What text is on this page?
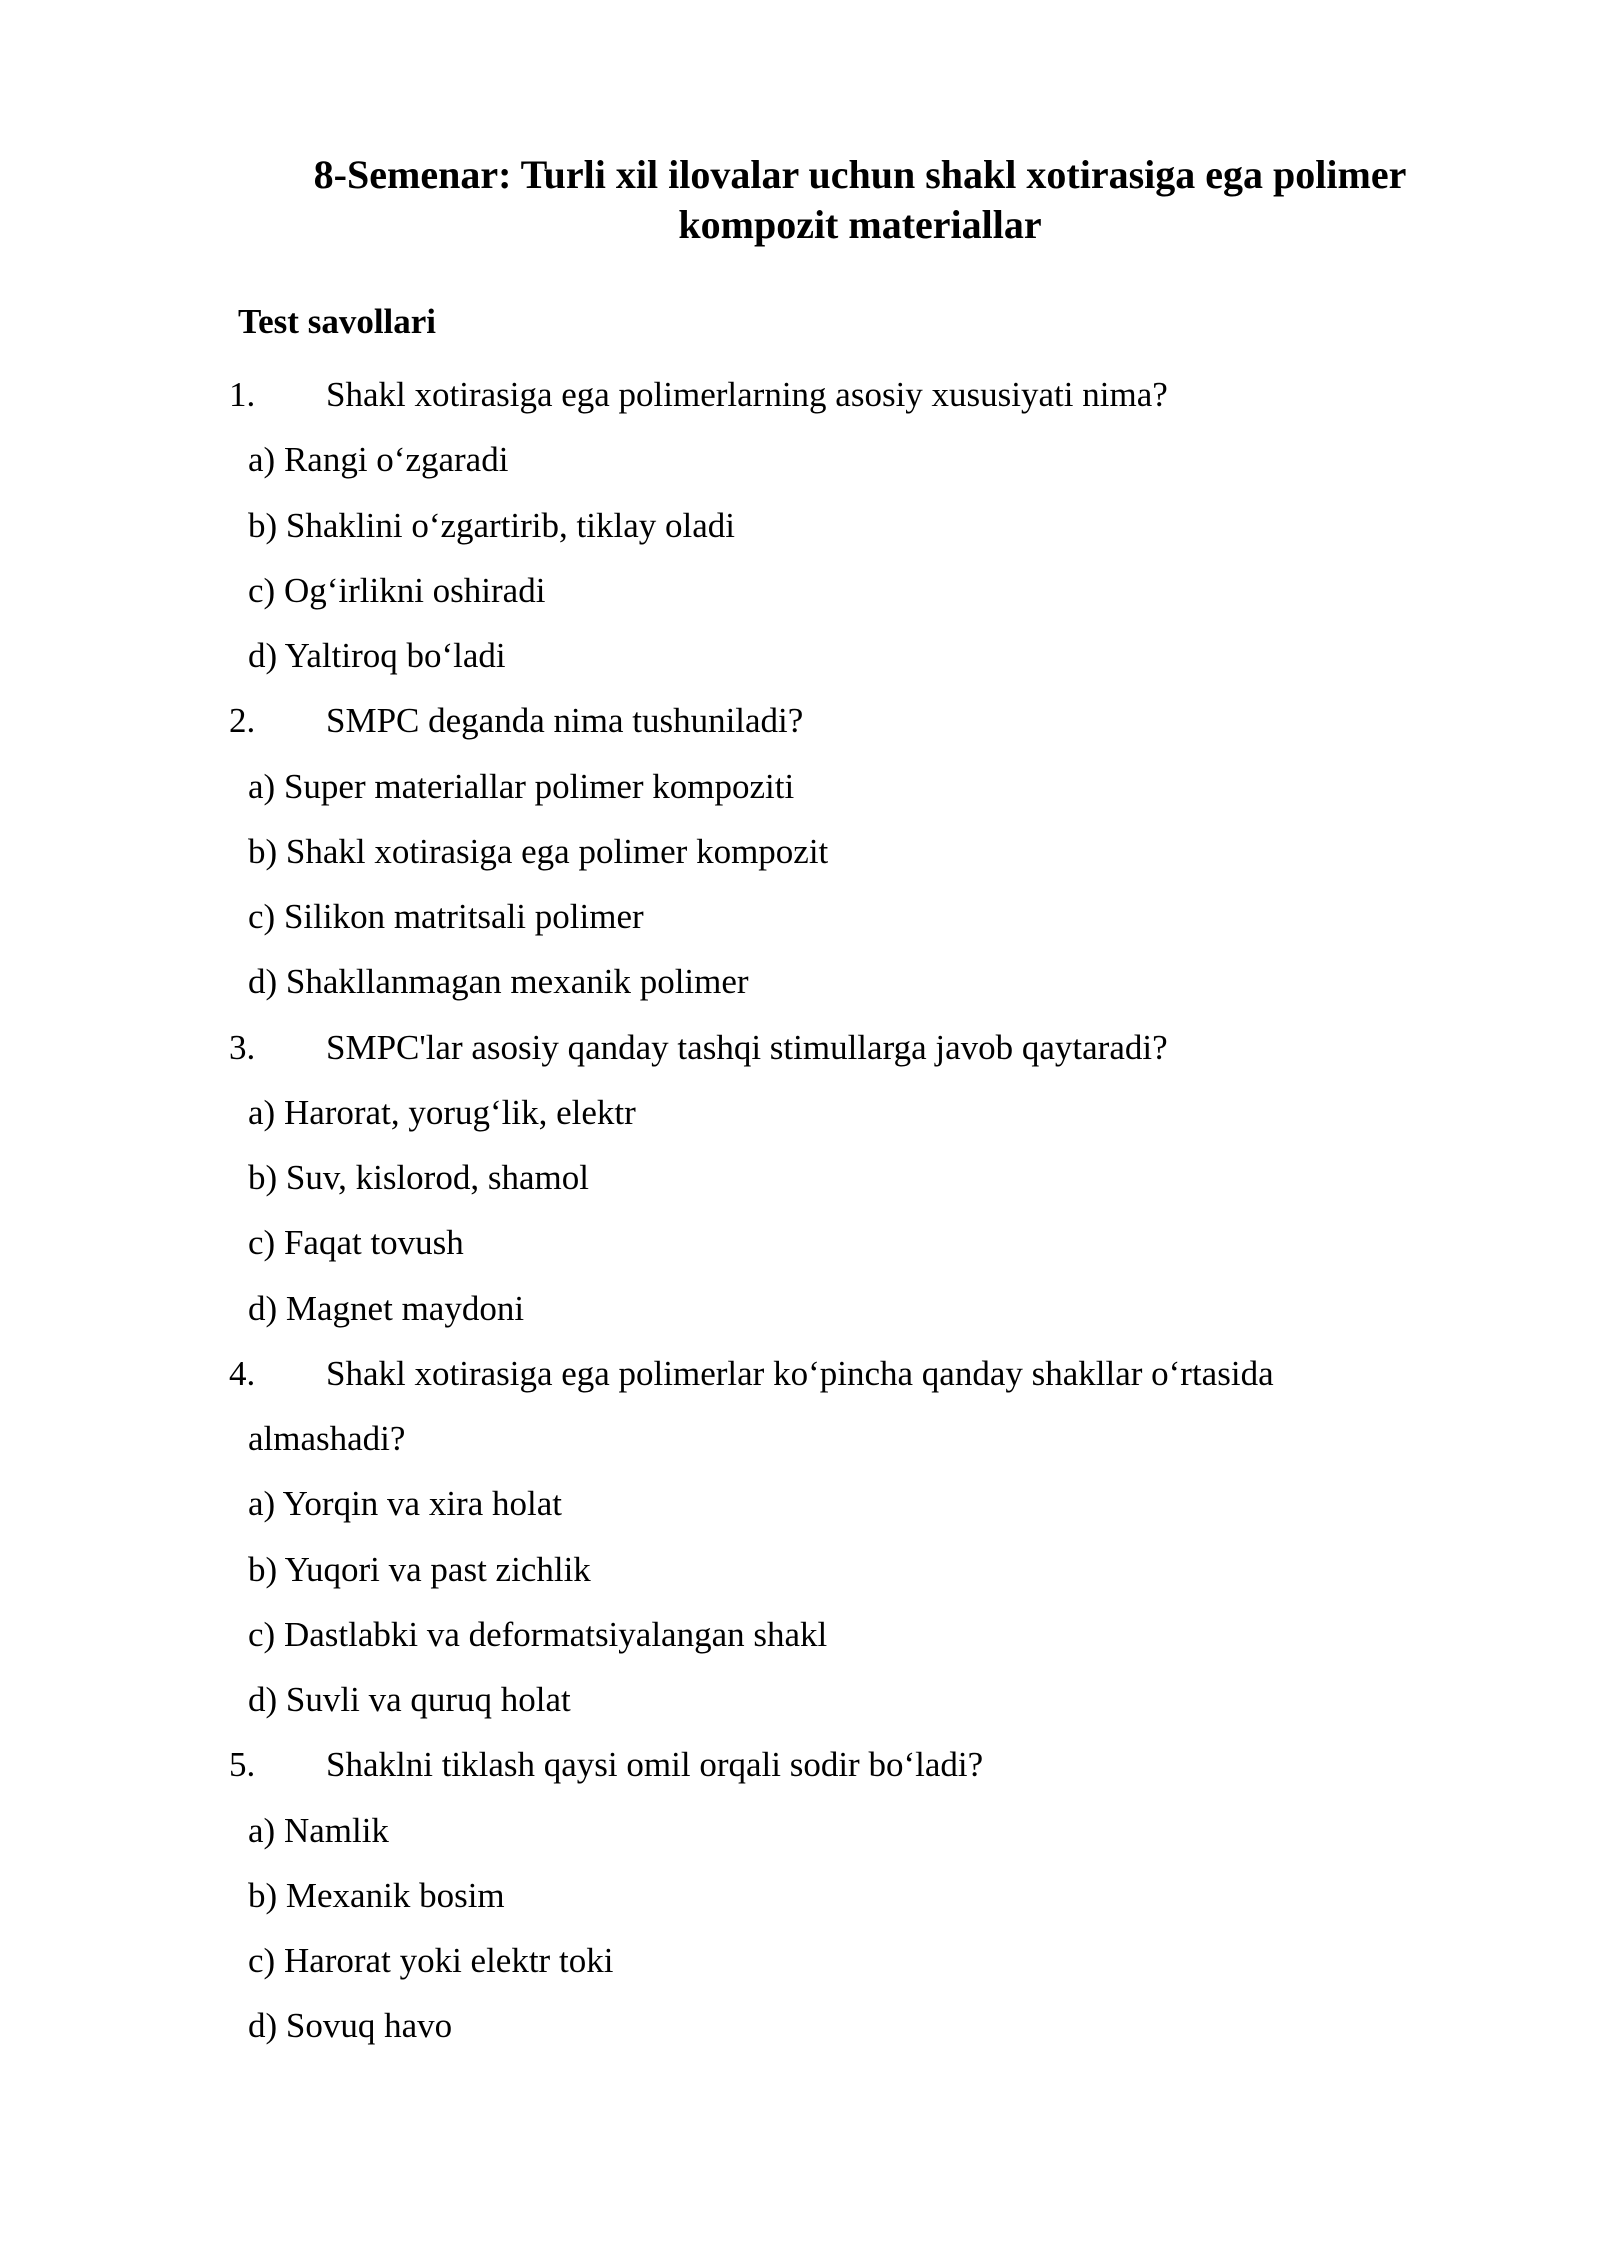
8-Semenar: Turli xil ilovalar uchun shakl xotirasiga ega polimer kompozit materiallar
Test savollari
1. Shakl xotirasiga ega polimerlarning asosiy xususiyati nima?
a) Rangi o‘zgaradi
b) Shaklini o‘zgartirib, tiklay oladi
c) Og‘irlikni oshiradi
d) Yaltiroq bo‘ladi
2. SMPC deganda nima tushuniladi?
a) Super materiallar polimer kompoziti
b) Shakl xotirasiga ega polimer kompozit
c) Silikon matritsali polimer
d) Shakllanmagan mexanik polimer
3. SMPC'lar asosiy qanday tashqi stimullarga javob qaytaradi?
a) Harorat, yorug‘lik, elektr
b) Suv, kislorod, shamol
c) Faqat tovush
d) Magnet maydoni
4. Shakl xotirasiga ega polimerlar ko‘pincha qanday shakllar o‘rtasida
almashadi?
a) Yorqin va xira holat
b) Yuqori va past zichlik
c) Dastlabki va deformatsiyalangan shakl
d) Suvli va quruq holat
5. Shaklni tiklash qaysi omil orqali sodir bo‘ladi?
a) Namlik
b) Mexanik bosim
c) Harorat yoki elektr toki
d) Sovuq havo
